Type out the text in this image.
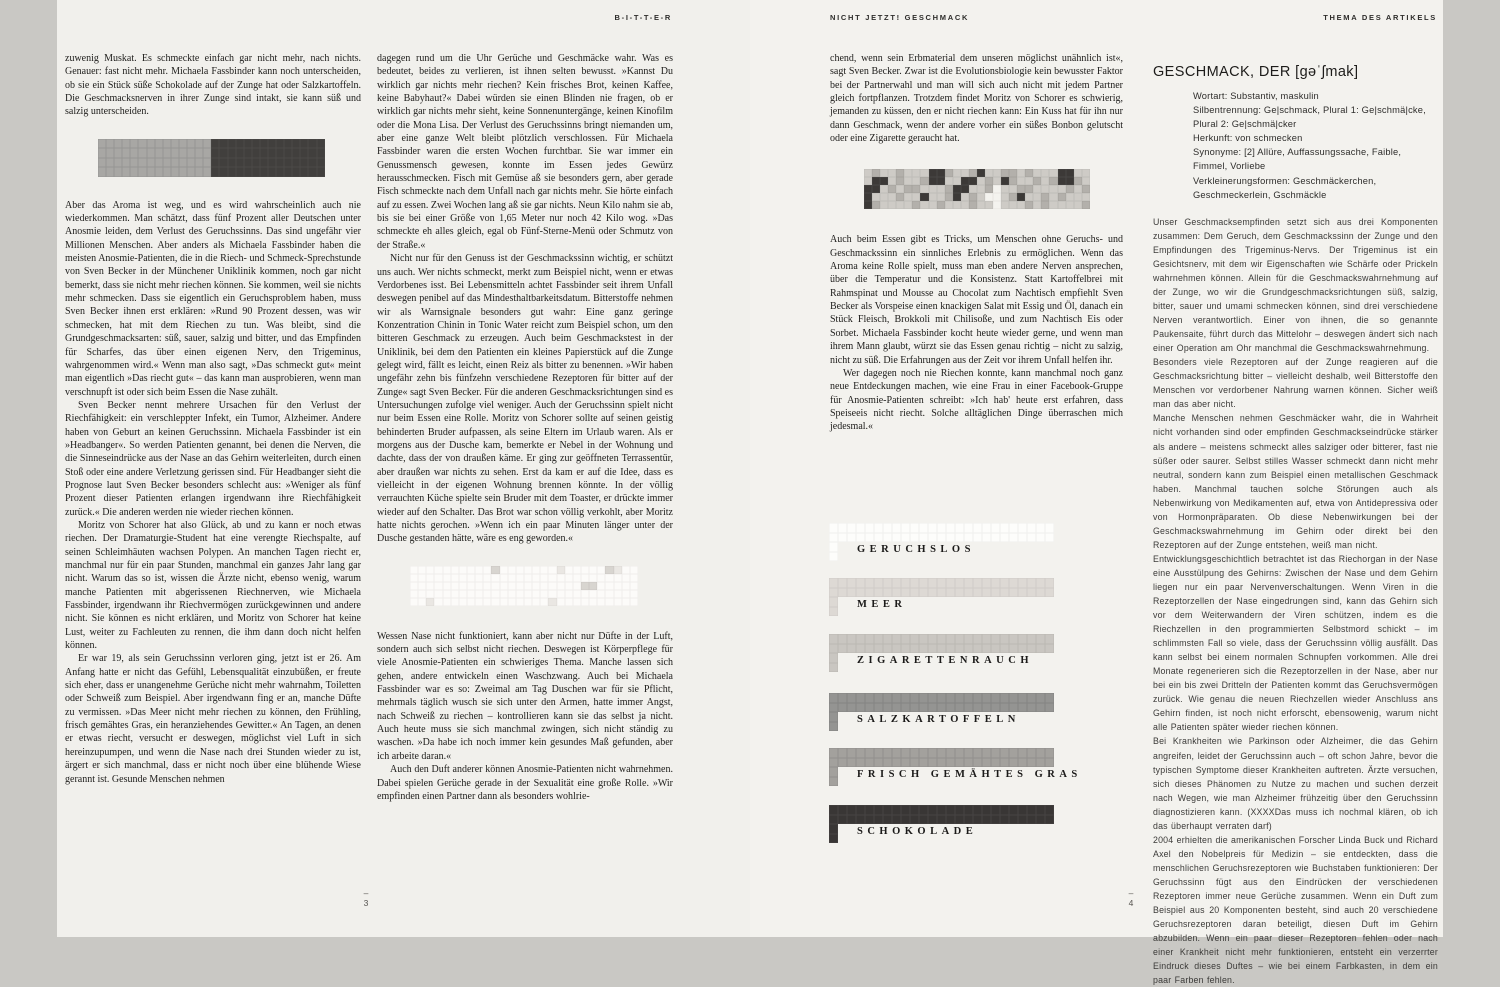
B-I-T-T-E-R	NICHT JETZT! GESCHMACK	THEMA DES ARTIKELS

zuwenig Muskat. Es schmeckte einfach gar nicht mehr, nach nichts. Genauer: fast nicht mehr. Michaela Fassbinder kann noch unterscheiden, ob sie ein Stück süße Schokolade auf der Zunge hat oder Salzkartoffeln. Die Geschmacksnerven in ihrer Zunge sind intakt, sie kann süß und salzig unterscheiden.

Aber das Aroma ist weg, und es wird wahrscheinlich auch nie wiederkommen. Man schätzt, dass fünf Prozent aller Deutschen unter Anosmie leiden, dem Verlust des Geruchssinns. Das sind ungefähr vier Millionen Menschen. Aber anders als Michaela Fassbinder haben die meisten Anosmie-Patienten, die in die Riech- und Schmeck-Sprechstunde von Sven Becker in der Münchener Uniklinik kommen, noch gar nicht bemerkt, dass sie nicht mehr riechen können. Sie kommen, weil sie nichts mehr schmecken. Dass sie eigentlich ein Geruchsproblem haben, muss Sven Becker ihnen erst erklären: »Rund 90 Prozent dessen, was wir schmecken, hat mit dem Riechen zu tun. Was bleibt, sind die Grundgeschmacksarten: süß, sauer, salzig und bitter, und das Empfinden für Scharfes, das über einen eigenen Nerv, den Trigeminus, wahrgenommen wird.« Wenn man also sagt, »Das schmeckt gut« meint man eigentlich »Das riecht gut« – das kann man ausprobieren, wenn man verschnupft ist oder sich beim Essen die Nase zuhält.

Sven Becker nennt mehrere Ursachen für den Verlust der Riechfähigkeit: ein verschleppter Infekt, ein Tumor, Alzheimer. Andere haben von Geburt an keinen Geruchssinn. Michaela Fassbinder ist ein »Headbanger«. So werden Patienten genannt, bei denen die Nerven, die die Sinneseindrücke aus der Nase an das Gehirn weiterleiten, durch einen Stoß oder eine andere Verletzung gerissen sind. Für Headbanger sieht die Prognose laut Sven Becker besonders schlecht aus: »Weniger als fünf Prozent dieser Patienten erlangen irgendwann ihre Riechfähigkeit zurück.« Die anderen werden nie wieder riechen können.

Moritz von Schorer hat also Glück, ab und zu kann er noch etwas riechen. Der Dramaturgie-Student hat eine verengte Riechspalte, auf seinen Schleimhäuten wachsen Polypen. An manchen Tagen riecht er, manchmal nur für ein paar Stunden, manchmal ein ganzes Jahr lang gar nicht. Warum das so ist, wissen die Ärzte nicht, ebenso wenig, warum manche Patienten mit abgerissenen Riechnerven, wie Michaela Fassbinder, irgendwann ihr Riechvermögen zurückgewinnen und andere nicht. Sie können es nicht erklären, und Moritz von Schorer hat keine Lust, weiter zu Fachleuten zu rennen, die ihm dann doch nicht helfen können.

Er war 19, als sein Geruchssinn verloren ging, jetzt ist er 26. Am Anfang hatte er nicht das Gefühl, Lebensqualität einzubüßen, er freute sich eher, dass er unangenehme Gerüche nicht mehr wahrnahm, Toiletten oder Schweiß zum Beispiel. Aber irgendwann fing er an, manche Düfte zu vermissen. »Das Meer nicht mehr riechen zu können, den Frühling, frisch gemähtes Gras, ein heranziehendes Gewitter.« An Tagen, an denen er etwas riecht, versucht er deswegen, möglichst viel Luft in sich hereinzupumpen, und wenn die Nase nach drei Stunden wieder zu ist, ärgert er sich manchmal, dass er nicht noch über eine blühende Wiese gerannt ist. Gesunde Menschen nehmen

dagegen rund um die Uhr Gerüche und Geschmäcke wahr. Was es bedeutet, beides zu verlieren, ist ihnen selten bewusst. »Kannst Du wirklich gar nichts mehr riechen? Kein frisches Brot, keinen Kaffee, keine Babyhaut?« Dabei würden sie einen Blinden nie fragen, ob er wirklich gar nichts mehr sieht, keine Sonnenuntergänge, keinen Kinofilm oder die Mona Lisa. Der Verlust des Geruchssinns bringt niemanden um, aber eine ganze Welt bleibt plötzlich verschlossen. Für Michaela Fassbinder waren die ersten Wochen furchtbar. Sie war immer ein Genussmensch gewesen, konnte im Essen jedes Gewürz herausschmecken. Fisch mit Gemüse aß sie besonders gern, aber gerade Fisch schmeckte nach dem Unfall nach gar nichts mehr. Sie hörte einfach auf zu essen. Zwei Wochen lang aß sie gar nichts. Neun Kilo nahm sie ab, bis sie bei einer Größe von 1,65 Meter nur noch 42 Kilo wog. »Das schmeckte eh alles gleich, egal ob Fünf-Sterne-Menü oder Schmutz von der Straße.«

Nicht nur für den Genuss ist der Geschmackssinn wichtig, er schützt uns auch. Wer nichts schmeckt, merkt zum Beispiel nicht, wenn er etwas Verdorbenes isst. Bei Lebensmitteln achtet Fassbinder seit ihrem Unfall deswegen penibel auf das Mindesthaltbarkeitsdatum. Bitterstoffe nehmen wir als Warnsignale besonders gut wahr: Eine ganz geringe Konzentration Chinin in Tonic Water reicht zum Beispiel schon, um den bitteren Geschmack zu erzeugen. Auch beim Geschmackstest in der Uniklinik, bei dem den Patienten ein kleines Papierstück auf die Zunge gelegt wird, fällt es leicht, einen Reiz als bitter zu benennen. »Wir haben ungefähr zehn bis fünfzehn verschiedene Rezeptoren für bitter auf der Zunge« sagt Sven Becker. Für die anderen Geschmacksrichtungen sind es Untersuchungen zufolge viel weniger. Auch der Geruchssinn spielt nicht nur beim Essen eine Rolle. Moritz von Schorer sollte auf seinen geistig behinderten Bruder aufpassen, als seine Eltern im Urlaub waren. Als er morgens aus der Dusche kam, bemerkte er Nebel in der Wohnung und dachte, dass der von draußen käme. Er ging zur geöffneten Terrassentür, aber draußen war nichts zu sehen. Erst da kam er auf die Idee, dass es vielleicht in der eigenen Wohnung brennen könnte. In der völlig verrauchten Küche spielte sein Bruder mit dem Toaster, er drückte immer wieder auf den Schalter. Das Brot war schon völlig verkohlt, aber Moritz hatte nichts gerochen. »Wenn ich ein paar Minuten länger unter der Dusche gestanden hätte, wäre es eng geworden.«

Wessen Nase nicht funktioniert, kann aber nicht nur Düfte in der Luft, sondern auch sich selbst nicht riechen. Deswegen ist Körperpflege für viele Anosmie-Patienten ein schwieriges Thema. Manche lassen sich gehen, andere entwickeln einen Waschzwang. Auch bei Michaela Fassbinder war es so: Zweimal am Tag Duschen war für sie Pflicht, mehrmals täglich wusch sie sich unter den Armen, hatte immer Angst, nach Schweiß zu riechen – kontrollieren kann sie das selbst ja nicht. Auch heute muss sie sich manchmal zwingen, sich nicht ständig zu waschen. »Da habe ich noch immer kein gesundes Maß gefunden, aber ich arbeite daran.«

Auch den Duft anderer können Anosmie-Patienten nicht wahrnehmen. Dabei spielen Gerüche gerade in der Sexualität eine große Rolle. »Wir empfinden einen Partner dann als besonders wohlrie-

chend, wenn sein Erbmaterial dem unseren möglichst unähnlich ist«, sagt Sven Becker. Zwar ist die Evolutionsbiologie kein bewusster Faktor bei der Partnerwahl und man will sich auch nicht mit jedem Partner gleich fortpflanzen. Trotzdem findet Moritz von Schorer es schwierig, jemanden zu küssen, den er nicht riechen kann: Ein Kuss hat für ihn nur dann Geschmack, wenn der andere vorher ein süßes Bonbon gelutscht oder eine Zigarette geraucht hat.

Auch beim Essen gibt es Tricks, um Menschen ohne Geruchs- und Geschmackssinn ein sinnliches Erlebnis zu ermöglichen. Wenn das Aroma keine Rolle spielt, muss man eben andere Nerven ansprechen, über die Temperatur und die Konsistenz. Statt Kartoffelbrei mit Rahmspinat und Mousse au Chocolat zum Nachtisch empfiehlt Sven Becker als Vorspeise einen knackigen Salat mit Essig und Öl, danach ein Stück Fleisch, Brokkoli mit Chilisoße, und zum Nachtisch Eis oder Sorbet. Michaela Fassbinder kocht heute wieder gerne, und wenn man ihrem Mann glaubt, würzt sie das Essen genau richtig – nicht zu salzig, nicht zu süß. Die Erfahrungen aus der Zeit vor ihrem Unfall helfen ihr.

Wer dagegen noch nie Riechen konnte, kann manchmal noch ganz neue Entdeckungen machen, wie eine Frau in einer Facebook-Gruppe für Anosmie-Patienten schreibt: »Ich hab' heute erst erfahren, dass Speiseeis nicht riecht. Solche alltäglichen Dinge überraschen mich jedesmal.«

GERUCHSLOS
MEER
ZIGARETTENRAUCH
SALZKARTOFFELN
FRISCH GEMÄHTES GRAS
SCHOKOLADE
GESCHMACK, DER [ɡəˈʃmak]
Wortart: Substantiv, maskulin
Silbentrennung: Ge|schmack, Plural 1: Ge|schmä|cke, Plural 2: Ge|schmä|cker
Herkunft: von schmecken
Synonyme: [2] Allüre, Auffassungssache, Faible, Fimmel, Vorliebe
Verkleinerungsformen: Geschmäckerchen, Geschmeckerlein, Gschmäckle

Unser Geschmacksempfinden setzt sich aus drei Komponenten zusammen: Dem Geruch, dem Geschmackssinn der Zunge und den Empfindungen des Trigeminus-Nervs. Der Trigeminus ist ein Gesichtsnerv, mit dem wir Eigenschaften wie Schärfe oder Prickeln wahrnehmen können. Allein für die Geschmackswahrnehmung auf der Zunge, wo wir die Grundgeschmacksrichtungen süß, salzig, bitter, sauer und umami schmecken können, sind drei verschiedene Nerven verantwortlich. Einer von ihnen, die so genannte Paukensaite, führt durch das Mittelohr – deswegen ändert sich nach einer Operation am Ohr manchmal die Geschmackswahrnehmung.

Besonders viele Rezeptoren auf der Zunge reagieren auf die Geschmacksrichtung bitter – vielleicht deshalb, weil Bitterstoffe den Menschen vor verdorbener Nahrung warnen können. Sicher weiß man das aber nicht.

Manche Menschen nehmen Geschmäcker wahr, die in Wahrheit nicht vorhanden sind oder empfinden Geschmackseindrücke stärker als andere – meistens schmeckt alles salziger oder bitterer, fast nie süßer oder saurer. Selbst stilles Wasser schmeckt dann nicht mehr neutral, sondern kann zum Beispiel einen metallischen Geschmack haben. Manchmal tauchen solche Störungen auch als Nebenwirkung von Medikamenten auf, etwa von Antidepressiva oder von Hormonpräparaten. Ob diese Nebenwirkungen bei der Geschmackswahrnehmung im Gehirn oder direkt bei den Rezeptoren auf der Zunge entstehen, weiß man nicht.

Entwicklungsgeschichtlich betrachtet ist das Riechorgan in der Nase eine Ausstülpung des Gehirns: Zwischen der Nase und dem Gehirn liegen nur ein paar Nervenverschaltungen. Wenn Viren in die Rezeptorzellen der Nase eingedrungen sind, kann das Gehirn sich vor dem Weiterwandern der Viren schützen, indem es die Riechzellen in den programmierten Selbstmord schickt – im schlimmsten Fall so viele, dass der Geruchssinn völlig ausfällt. Das kann selbst bei einem normalen Schnupfen vorkommen. Alle drei Monate regenerieren sich die Rezeptorzellen in der Nase, aber nur bei ein bis zwei Dritteln der Patienten kommt das Geruchsvermögen zurück. Wie genau die neuen Riechzellen wieder Anschluss ans Gehirn finden, ist noch nicht erforscht, ebensowenig, warum nicht alle Patienten später wieder riechen können.

Bei Krankheiten wie Parkinson oder Alzheimer, die das Gehirn angreifen, leidet der Geruchssinn auch – oft schon Jahre, bevor die typischen Symptome dieser Krankheiten auftreten. Ärzte versuchen, sich dieses Phänomen zu Nutze zu machen und suchen derzeit nach Wegen, wie man Alzheimer frühzeitig über den Geruchssinn diagnostizieren kann. (XXXXDas muss ich nochmal klären, ob ich das überhaupt verraten darf)

2004 erhielten die amerikanischen Forscher Linda Buck und Richard Axel den Nobelpreis für Medizin – sie entdeckten, dass die menschlichen Geruchsrezeptoren wie Buchstaben funktionieren: Der Geruchssinn fügt aus den Eindrücken der verschiedenen Rezeptoren immer neue Gerüche zusammen. Wenn ein Duft zum Beispiel aus 20 Komponenten besteht, sind auch 20 verschiedene Geruchsrezeptoren daran beteiligt, diesen Duft im Gehirn abzubilden. Wenn ein paar dieser Rezeptoren fehlen oder nach einer Krankheit nicht mehr funktionieren, entsteht ein verzerrter Eindruck dieses Duftes – wie bei einem Farbkasten, in dem ein paar Farben fehlen.

–
3
–
4
